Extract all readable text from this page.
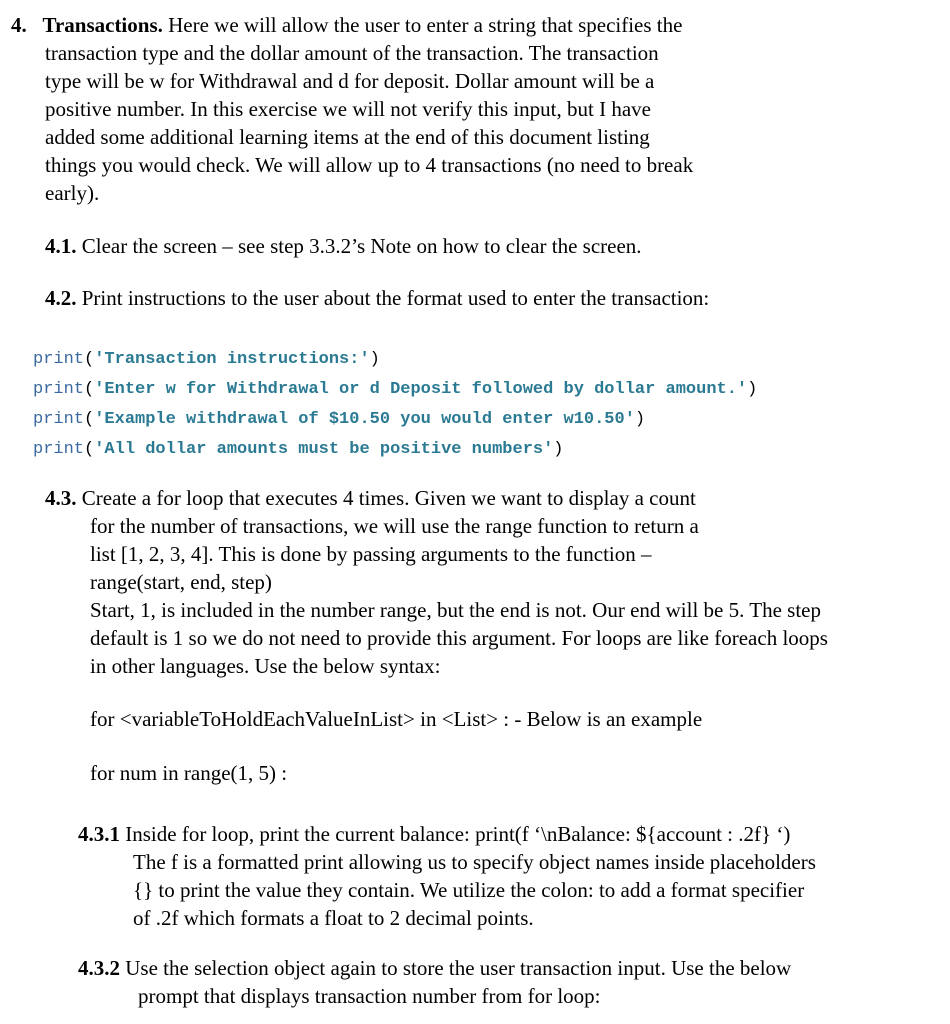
4. Transactions. Here we will allow the user to enter a string that specifies the
transaction type and the dollar amount of the transaction. The transaction
type will be w for Withdrawal and d for deposit. Dollar amount will be a
positive number. In this exercise we will not verify this input, but I have
added some additional learning items at the end of this document listing
things you would check. We will allow up to 4 transactions (no need to break
early).
4.1. Clear the screen – see step 3.3.2’s Note on how to clear the screen.
4.2. Print instructions to the user about the format used to enter the transaction:
print('Transaction instructions:')
print('Enter w for Withdrawal or d Deposit followed by dollar amount.')
print('Example withdrawal of $10.50 you would enter w10.50')
print('All dollar amounts must be positive numbers')
4.3. Create a for loop that executes 4 times. Given we want to display a count
for the number of transactions, we will use the range function to return a
list [1, 2, 3, 4]. This is done by passing arguments to the function –
range(start, end, step)
Start, 1, is included in the number range, but the end is not. Our end will be 5. The step
default is 1 so we do not need to provide this argument. For loops are like foreach loops
in other languages. Use the below syntax:
for <variableToHoldEachValueInList> in <List> : - Below is an example
for num in range(1, 5) :
4.3.1 Inside for loop, print the current balance: print(f ‘\nBalance: ${account : .2f} ‘)
The f is a formatted print allowing us to specify object names inside placeholders
{} to print the value they contain. We utilize the colon: to add a format specifier
of .2f which formats a float to 2 decimal points.
4.3.2 Use the selection object again to store the user transaction input. Use the below
prompt that displays transaction number from for loop:
